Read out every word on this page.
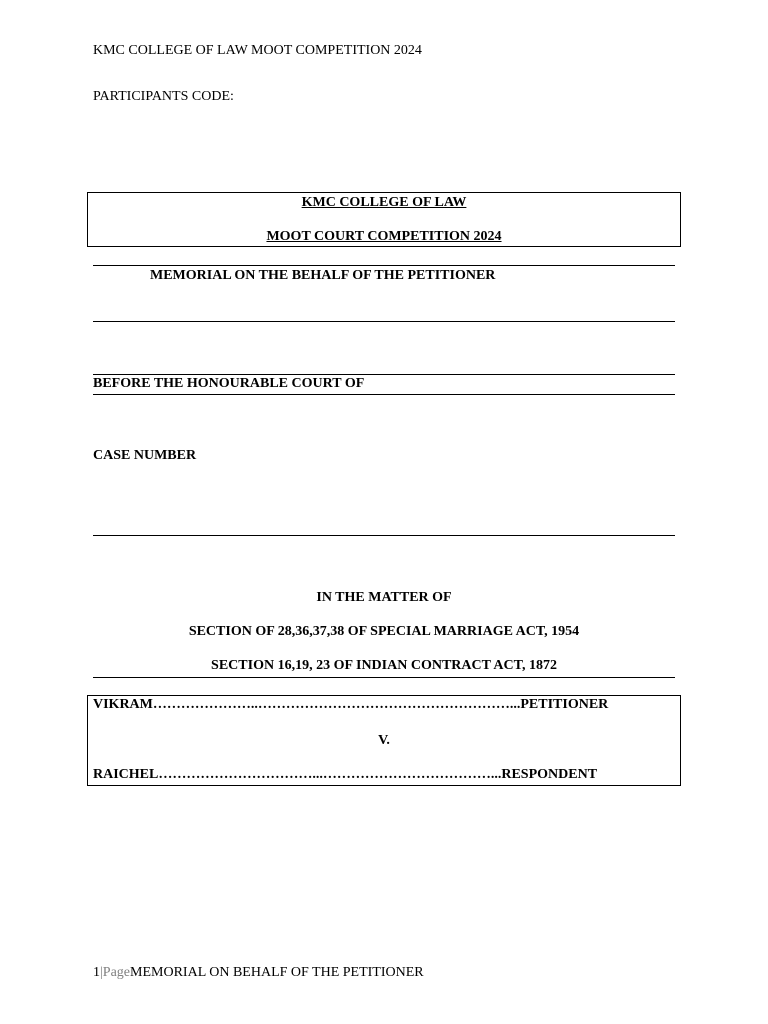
KMC COLLEGE OF LAW MOOT COMPETITION 2024
PARTICIPANTS CODE:
KMC COLLEGE OF LAW
MOOT COURT COMPETITION 2024
MEMORIAL ON THE BEHALF OF THE PETITIONER
BEFORE THE HONOURABLE COURT OF
CASE NUMBER
IN THE MATTER OF
SECTION OF 28,36,37,38 OF SPECIAL MARRIAGE ACT, 1954
SECTION 16,19, 23 OF INDIAN CONTRACT ACT, 1872
VIKRAM…………………..………………………………………………...PETITIONER
V.
RAICHEL……………………………...………………………………...RESPONDENT
1|PageMEMORIAL ON BEHALF OF THE PETITIONER
